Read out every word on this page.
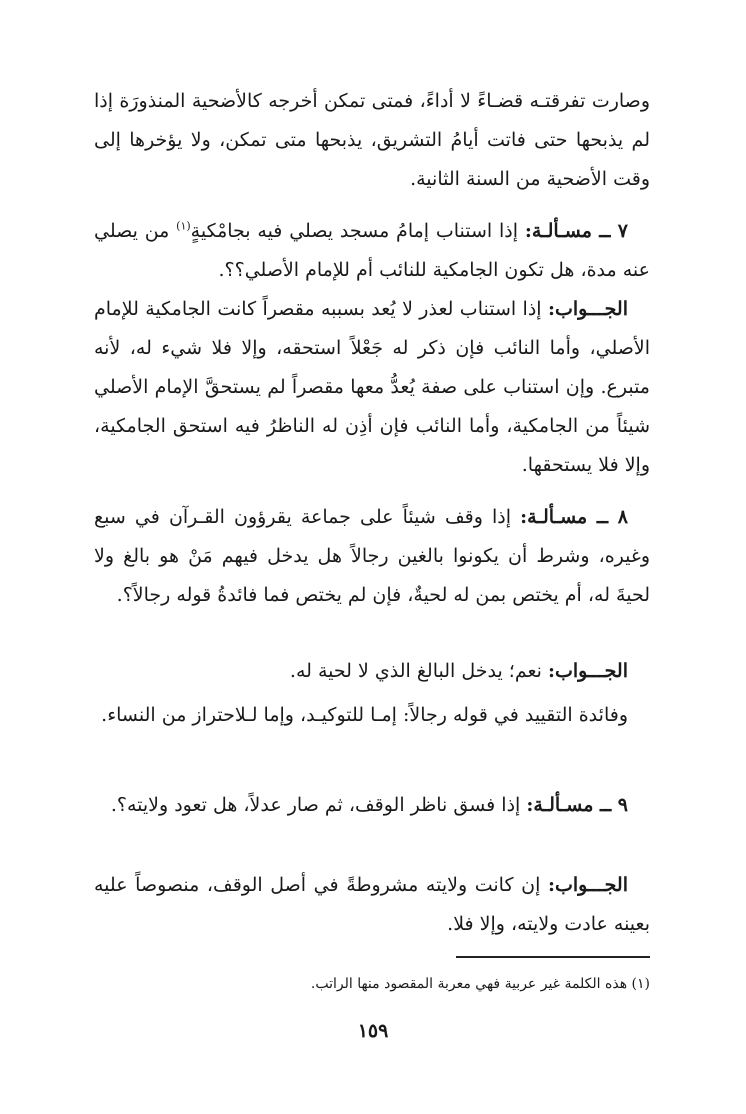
وصارت تفرقتـه قضـاءً لا أداءً، فمتى تمكن أخرجه كالأضحية المنذورَة إذا لم يذبحها حتى فاتت أيامُ التشريق، يذبحها متى تمكن، ولا يؤخرها إلى وقت الأضحية من السنة الثانية.

٧ ــ مسـألـة: إذا استناب إمامُ مسجد يصلي فيه بجامْكيةٍ$^{(١)}$ من يصلي عنه مدة، هل تكون الجامكية للنائب أم للإمام الأصلي؟؟.

الجـــواب: إذا استناب لعذر لا يُعد بسببه مقصراً كانت الجامكية للإمام الأصلي، وأما النائب فإن ذكر له جَعْلاً استحقه، وإلا فلا شيء له، لأنه متبرع. وإن استناب على صفة يُعدُّ معها مقصراً لم يستحقَّ الإمام الأصلي شيئاً من الجامكية، وأما النائب فإن أذِن له الناظرُ فيه استحق الجامكية، وإلا فلا يستحقها.

٨ ــ مسـألـة: إذا وقف شيئاً على جماعة يقرؤون القـرآن في سبع وغيره، وشرط أن يكونوا بالغين رجالاً هل يدخل فيهم مَنْ هو بالغ ولا لحيةَ له، أم يختص بمن له لحيةٌ، فإن لم يختص فما فائدةُ قوله رجالاً؟.

الجـــواب: نعم؛ يدخل البالغ الذي لا لحية له.

وفائدة التقييد في قوله رجالاً: إمـا للتوكيـد، وإما لـلاحتراز من النساء.

٩ ــ مسـألـة: إذا فسق ناظر الوقف، ثم صار عدلاً، هل تعود ولايته؟.

الجـــواب: إن كانت ولايته مشروطةً في أصل الوقف، منصوصاً عليه بعينه عادت ولايته، وإلا فلا.

(١) هذه الكلمة غير عربية فهي معربة المقصود منها الراتب.
١٥٩
